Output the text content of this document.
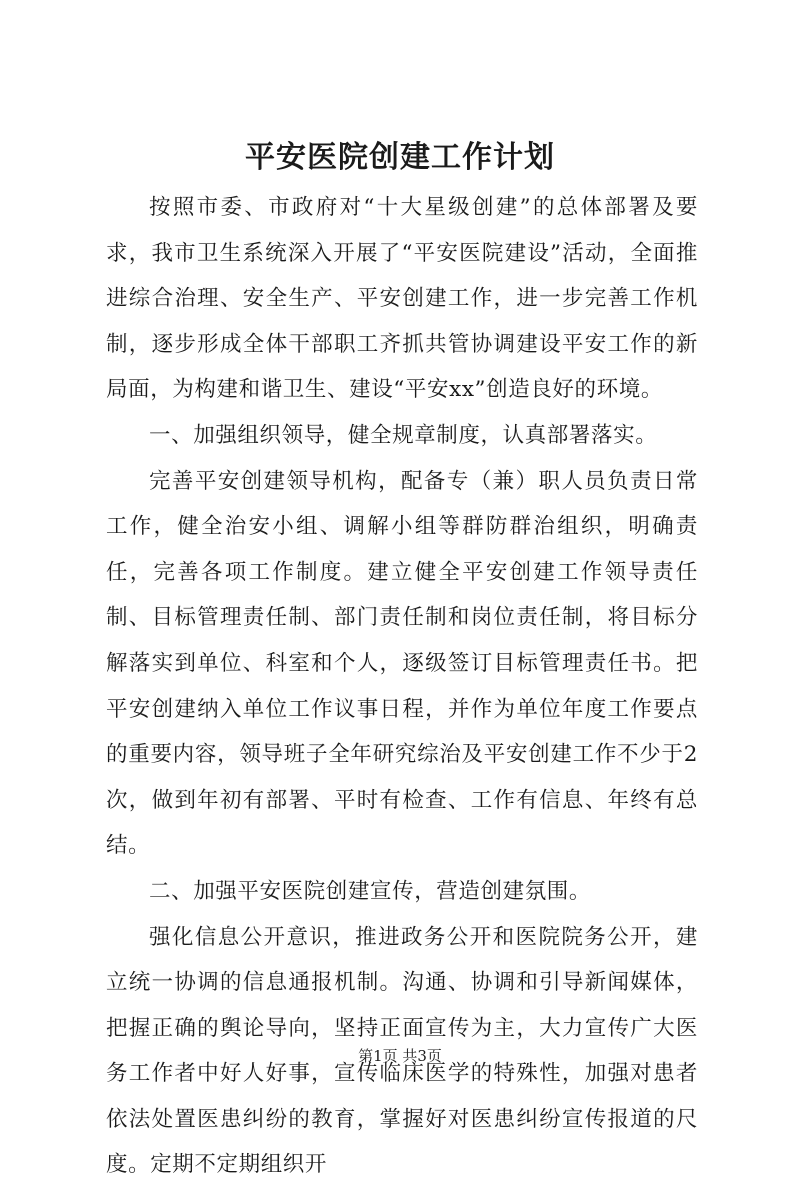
平安医院创建工作计划

按照市委、市政府对“十大星级创建”的总体部署及要求，我市卫生系统深入开展了“平安医院建设”活动，全面推进综合治理、安全生产、平安创建工作，进一步完善工作机制，逐步形成全体干部职工齐抓共管协调建设平安工作的新局面，为构建和谐卫生、建设“平安xx”创造良好的环境。

一、加强组织领导，健全规章制度，认真部署落实。

完善平安创建领导机构，配备专（兼）职人员负责日常工作，健全治安小组、调解小组等群防群治组织，明确责任，完善各项工作制度。建立健全平安创建工作领导责任制、目标管理责任制、部门责任制和岗位责任制，将目标分解落实到单位、科室和个人，逐级签订目标管理责任书。把平安创建纳入单位工作议事日程，并作为单位年度工作要点的重要内容，领导班子全年研究综治及平安创建工作不少于2次，做到年初有部署、平时有检查、工作有信息、年终有总结。

二、加强平安医院创建宣传，营造创建氛围。

强化信息公开意识，推进政务公开和医院院务公开，建立统一协调的信息通报机制。沟通、协调和引导新闻媒体，把握正确的舆论导向，坚持正面宣传为主，大力宣传广大医务工作者中好人好事，宣传临床医学的特殊性，加强对患者依法处置医患纠纷的教育，掌握好对医患纠纷宣传报道的尺度。定期不定期组织开

第1页 共3页
